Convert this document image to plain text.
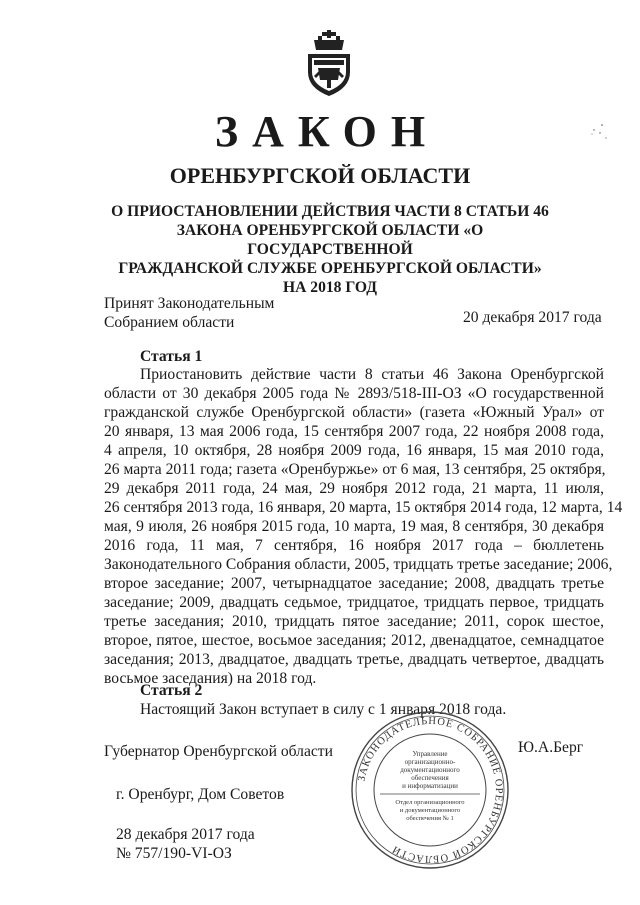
ЗАКОН
ОРЕНБУРГСКОЙ ОБЛАСТИ
О ПРИОСТАНОВЛЕНИИ ДЕЙСТВИЯ ЧАСТИ 8 СТАТЬИ 46
ЗАКОНА ОРЕНБУРГСКОЙ ОБЛАСТИ «О ГОСУДАРСТВЕННОЙ
ГРАЖДАНСКОЙ СЛУЖБЕ ОРЕНБУРГСКОЙ ОБЛАСТИ»
НА 2018 ГОД
Принят Законодательным
Собранием области	20 декабря 2017 года
Статья 1

Приостановить действие части 8 статьи 46 Закона Оренбургской

области от 30 декабря 2005 года № 2893/518-III-ОЗ «О государственной

гражданской службе Оренбургской области» (газета «Южный Урал» от

20 января, 13 мая 2006 года, 15 сентября 2007 года, 22 ноября 2008 года,

4 апреля, 10 октября, 28 ноября 2009 года, 16 января, 15 мая 2010 года,

26 марта 2011 года; газета «Оренбуржье» от 6 мая, 13 сентября, 25 октября,

29 декабря 2011 года, 24 мая, 29 ноября 2012 года, 21 марта, 11 июля,

26 сентября 2013 года, 16 января, 20 марта, 15 октября 2014 года, 12 марта, 14

мая, 9 июля, 26 ноября 2015 года, 10 марта, 19 мая, 8 сентября, 30 декабря

2016 года, 11 мая, 7 сентября, 16 ноября 2017 года – бюллетень

Законодательного Собрания области, 2005, тридцать третье заседание; 2006,

второе заседание; 2007, четырнадцатое заседание; 2008, двадцать третье

заседание; 2009, двадцать седьмое, тридцатое, тридцать первое, тридцать

третье заседания; 2010, тридцать пятое заседание; 2011, сорок шестое,

второе, пятое, шестое, восьмое заседания; 2012, двенадцатое, семнадцатое

заседания; 2013, двадцатое, двадцать третье, двадцать четвертое, двадцать

восьмое заседания) на 2018 год.

Статья 2
Настоящий Закон вступает в силу с 1 января 2018 года.
Губернатор Оренбургской области	Ю.А.Берг
г. Оренбург, Дом Советов
28 декабря 2017 года
№ 757/190-VI-ОЗ
ЗАКОНОДАТЕЛЬНОЕ СОБРАНИЕ ОРЕНБУРГСКОЙ ОБЛАСТИ
Управление
организационно-
документационного
обеспечения
и информатизации
Отдел организационного
и документационного
обеспечения № 1
